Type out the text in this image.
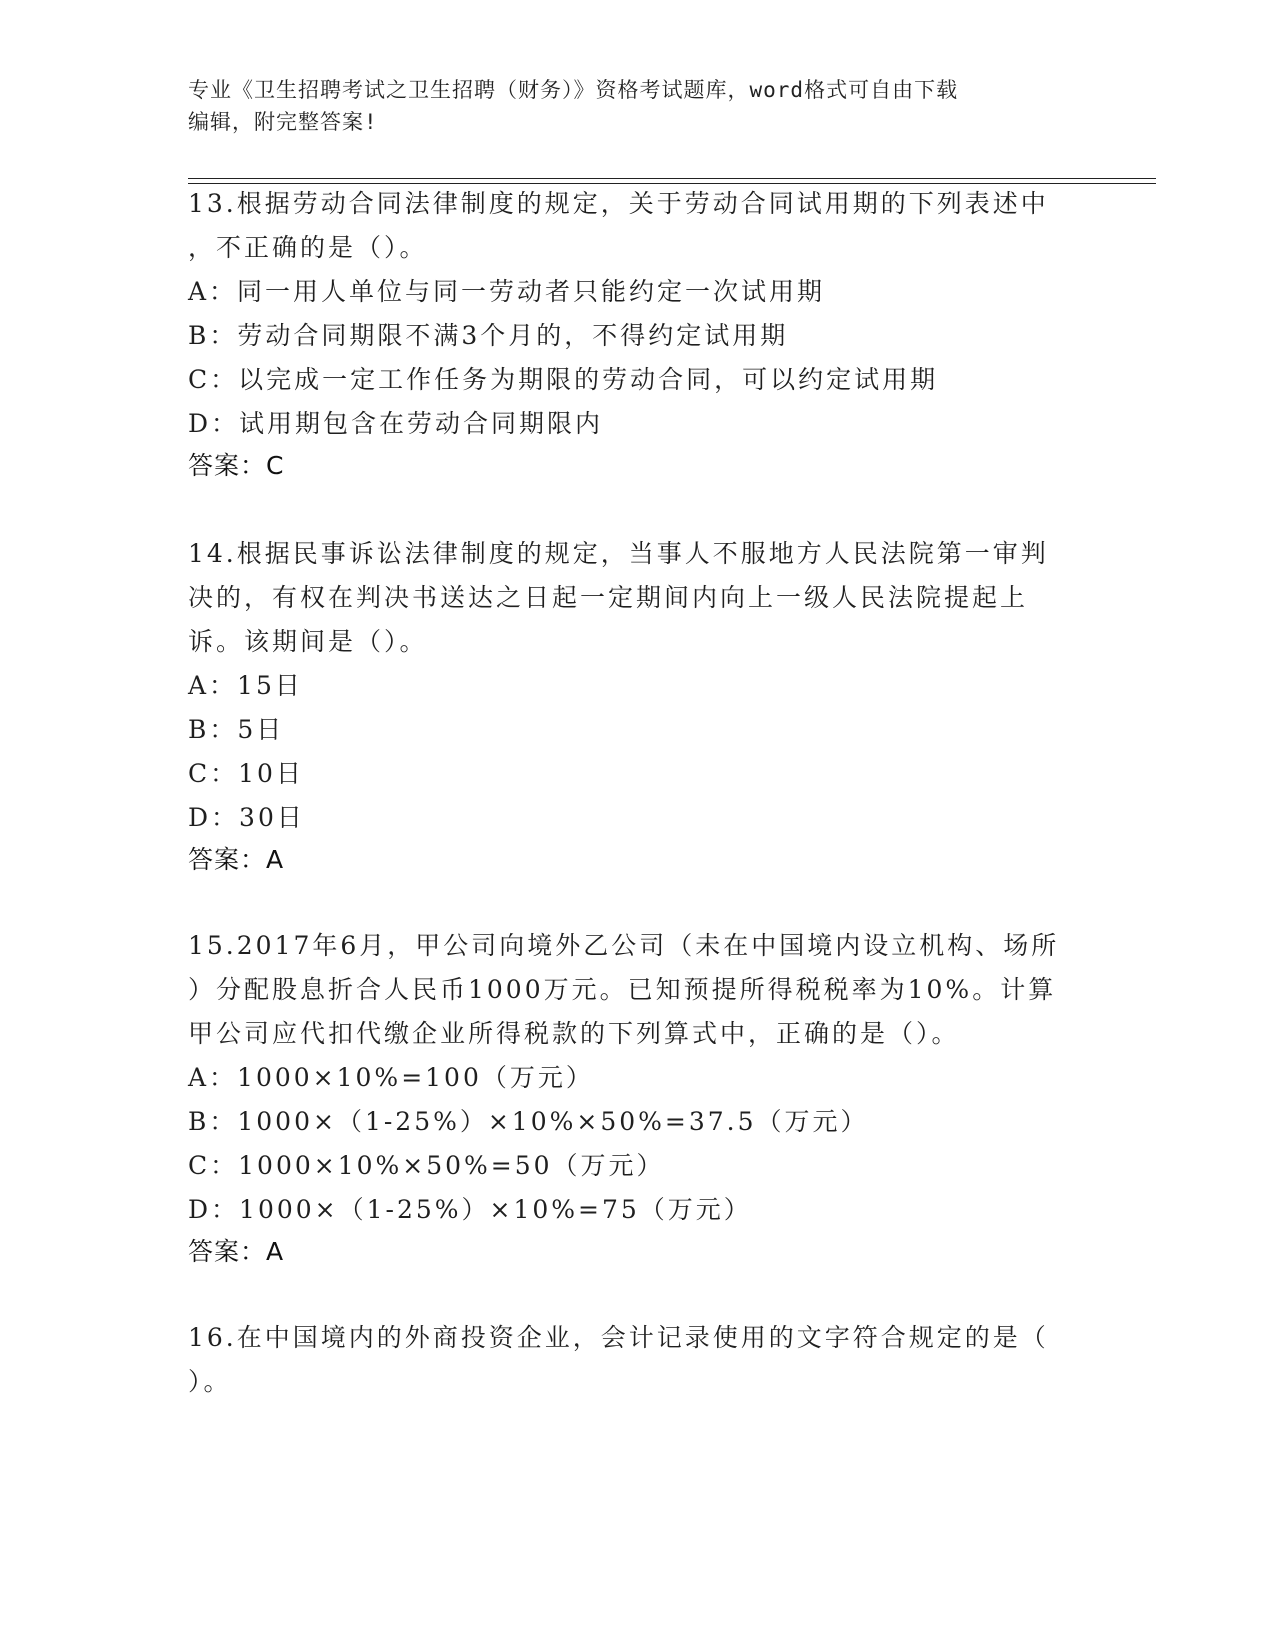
专业《卫生招聘考试之卫生招聘（财务）》资格考试题库，word格式可自由下载
编辑，附完整答案!
13.根据劳动合同法律制度的规定，关于劳动合同试用期的下列表述中
，不正确的是（）。
A：同一用人单位与同一劳动者只能约定一次试用期
B：劳动合同期限不满3个月的，不得约定试用期
C：以完成一定工作任务为期限的劳动合同，可以约定试用期
D：试用期包含在劳动合同期限内
答案：C
14.根据民事诉讼法律制度的规定，当事人不服地方人民法院第一审判
决的，有权在判决书送达之日起一定期间内向上一级人民法院提起上
诉。该期间是（）。
A：15日
B：5日
C：10日
D：30日
答案：A
15.2017年6月，甲公司向境外乙公司（未在中国境内设立机构、场所
）分配股息折合人民币1000万元。已知预提所得税税率为10%。计算
甲公司应代扣代缴企业所得税款的下列算式中，正确的是（）。
A：1000×10%=100（万元）
B：1000×（1-25%）×10%×50%=37.5（万元）
C：1000×10%×50%=50（万元）
D：1000×（1-25%）×10%=75（万元）
答案：A
16.在中国境内的外商投资企业，会计记录使用的文字符合规定的是（
）。
